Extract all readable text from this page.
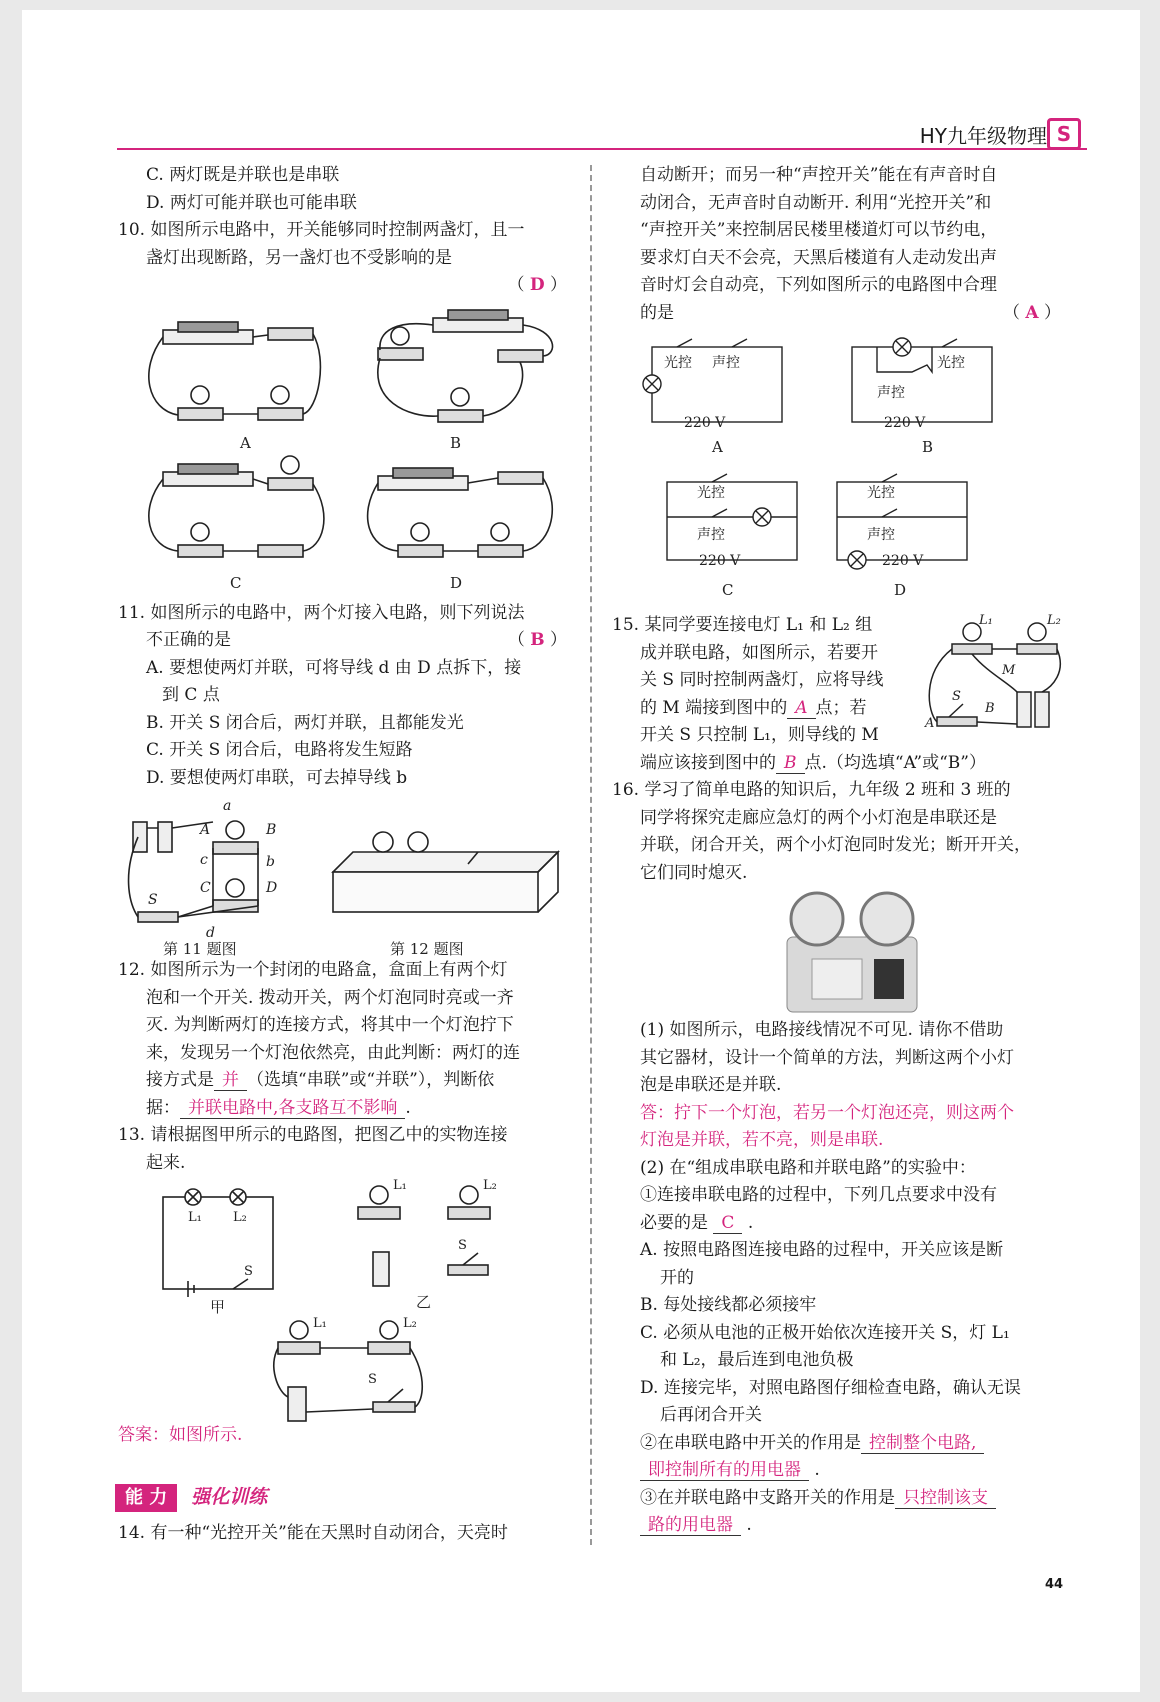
HY九年级物理 S

C. 两灯既是并联也是串联

D. 两灯可能并联也可能串联

10. 如图所示电路中，开关能够同时控制两盏灯，且一

盏灯出现断路，另一盏灯也不受影响的是

（ D ）

A	B
C	D

11. 如图所示的电路中，两个灯接入电路，则下列说法

不正确的是	（ B ）

A. 要想使两灯并联，可将导线 d 由 D 点拆下，接

到 C 点

B. 开关 S 闭合后，两灯并联，且都能发光

C. 开关 S 闭合后，电路将发生短路

D. 要想使两灯串联，可去掉导线 b

a
A	B
C	D
c	b
S
d
第 11 题图	第 12 题图

12. 如图所示为一个封闭的电路盒，盒面上有两个灯

泡和一个开关. 拨动开关，两个灯泡同时亮或一齐

灭. 为判断两灯的连接方式，将其中一个灯泡拧下

来，发现另一个灯泡依然亮，由此判断：两灯的连

接方式是 并 （选填“串联”或“并联”），判断依

据： 并联电路中,各支路互不影响 .

13. 请根据图甲所示的电路图，把图乙中的实物连接

起来.

L₁ L₂
S
L₁	L₂
S
L₁	L₂
S
甲	乙

答案：如图所示.

能 力 强化训练

14. 有一种“光控开关”能在天黑时自动闭合，天亮时

自动断开；而另一种“声控开关”能在有声音时自

动闭合，无声音时自动断开. 利用“光控开关”和

“声控开关”来控制居民楼里楼道灯可以节约电，

要求灯白天不会亮，天黑后楼道有人走动发出声

音时灯会自动亮，下列如图所示的电路图中合理

的是	（ A ）

光控 声控
220 V
光控
声控
220 V
光控
声控
220 V
光控
声控
220 V
A	B
C	D
L₁	L₂
M
S
A
B

15. 某同学要连接电灯 L₁ 和 L₂ 组

成并联电路，如图所示，若要开

关 S 同时控制两盏灯，应将导线

的 M 端接到图中的 A 点；若

开关 S 只控制 L₁，则导线的 M

端应该接到图中的 B 点.（均选填“A”或“B”）

16. 学习了简单电路的知识后，九年级 2 班和 3 班的

同学将探究走廊应急灯的两个小灯泡是串联还是

并联，闭合开关，两个小灯泡同时发光；断开开关，

它们同时熄灭.

(1) 如图所示，电路接线情况不可见. 请你不借助

其它器材，设计一个简单的方法，判断这两个小灯

泡是串联还是并联.

答：拧下一个灯泡，若另一个灯泡还亮，则这两个

灯泡是并联，若不亮，则是串联.

(2) 在“组成串联电路和并联电路”的实验中：

①连接串联电路的过程中，下列几点要求中没有

必要的是 C .

A. 按照电路图连接电路的过程中，开关应该是断

开的

B. 每处接线都必须接牢

C. 必须从电池的正极开始依次连接开关 S，灯 L₁

和 L₂，最后连到电池负极

D. 连接完毕，对照电路图仔细检查电路，确认无误

后再闭合开关

②在串联电路中开关的作用是 控制整个电路,

即控制所有的用电器 .

③在并联电路中支路开关的作用是 只控制该支

路的用电器 .

44
